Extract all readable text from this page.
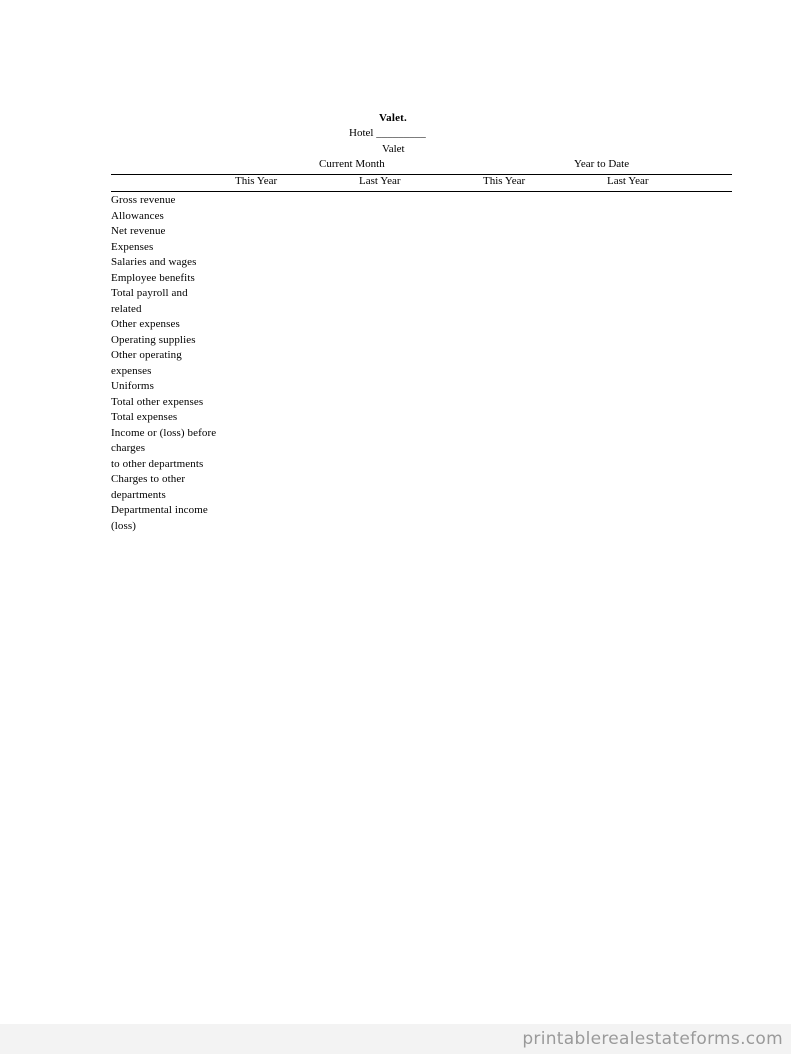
Valet.
Hotel _________
Valet
Current Month	Year to Date
This Year	Last Year	This Year	Last Year
Gross revenue
Allowances
Net revenue
Expenses
Salaries and wages
Employee benefits
Total payroll and
related
Other expenses
Operating supplies
Other operating
expenses
Uniforms
Total other expenses
Total expenses
Income or (loss) before
charges
to other departments
Charges to other
departments
Departmental income
(loss)
printablerealestateforms.com
